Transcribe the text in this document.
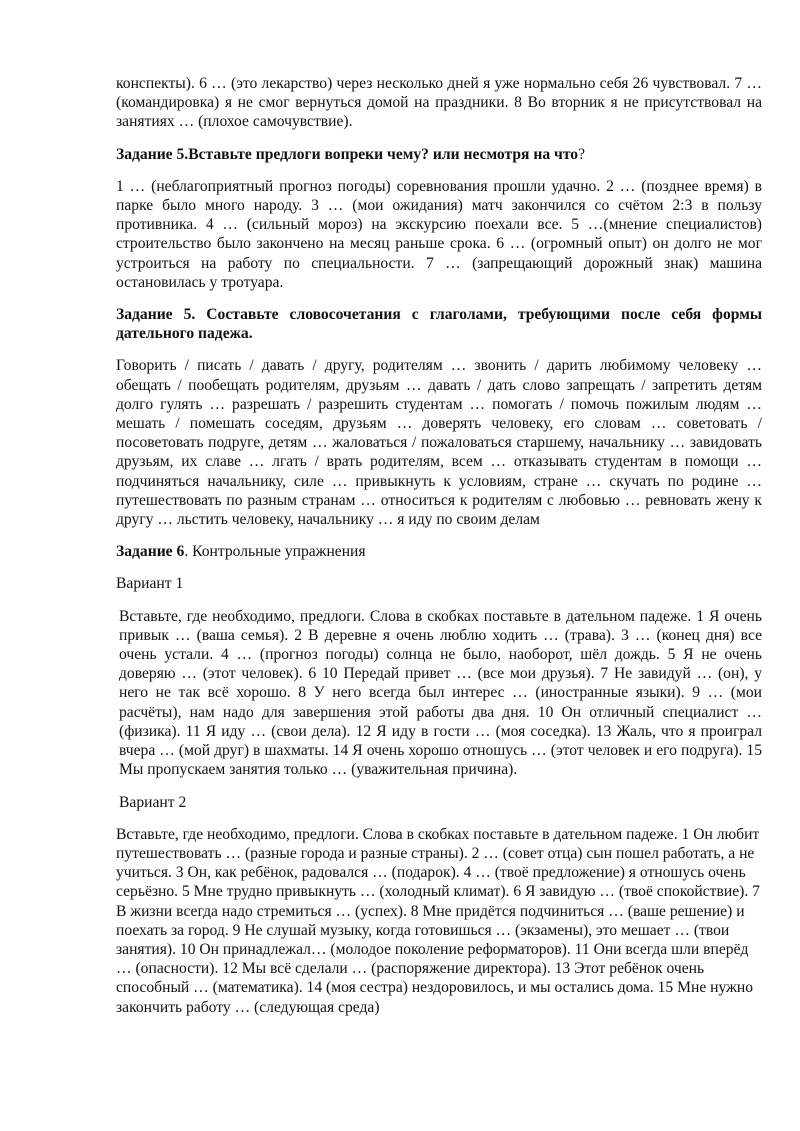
конспекты). 6 … (это лекарство) через несколько дней я уже нормально себя 26 чувствовал. 7 … (командировка) я не смог вернуться домой на праздники. 8 Во вторник я не присутствовал на занятиях … (плохое самочувствие).

Задание 5.Вставьте предлоги вопреки чему? или несмотря на что?

1 … (неблагоприятный прогноз погоды) соревнования прошли удачно. 2 … (позднее время) в парке было много народу. 3 … (мои ожидания) матч закончился со счётом 2:3 в пользу противника. 4 … (сильный мороз) на экскурсию поехали все. 5 …(мнение специалистов) строительство было закончено на месяц раньше срока. 6 … (огромный опыт) он долго не мог устроиться на работу по специальности. 7 … (запрещающий дорожный знак) машина остановилась у тротуара.

Задание 5. Составьте словосочетания с глаголами, требующими после себя формы дательного падежа.

Говорить / писать / давать / другу, родителям … звонить / дарить любимому человеку … обещать / пообещать родителям, друзьям … давать / дать слово запрещать / запретить детям долго гулять … разрешать / разрешить студентам … помогать / помочь пожилым людям … мешать / помешать соседям, друзьям … доверять человеку, его словам … советовать / посоветовать подруге, детям … жаловаться / пожаловаться старшему, начальнику … завидовать друзьям, их славе … лгать / врать родителям, всем … отказывать студентам в помощи … подчиняться начальнику, силе … привыкнуть к условиям, стране … скучать по родине … путешествовать по разным странам … относиться к родителям с любовью … ревновать жену к другу … льстить человеку, начальнику … я иду по своим делам

Задание 6. Контрольные упражнения

Вариант 1

Вставьте, где необходимо, предлоги. Слова в скобках поставьте в дательном падеже. 1 Я очень привык … (ваша семья). 2 В деревне я очень люблю ходить … (трава). 3 … (конец дня) все очень устали. 4 … (прогноз погоды) солнца не было, наоборот, шёл дождь. 5 Я не очень доверяю … (этот человек). 6 10 Передай привет … (все мои друзья). 7 Не завидуй … (он), у него не так всё хорошо. 8 У него всегда был интерес … (иностранные языки). 9 … (мои расчёты), нам надо для завершения этой работы два дня. 10 Он отличный специалист … (физика). 11 Я иду … (свои дела). 12 Я иду в гости … (моя соседка). 13 Жаль, что я проиграл вчера … (мой друг) в шахматы. 14 Я очень хорошо отношусь … (этот человек и его подруга). 15 Мы пропускаем занятия только … (уважительная причина).

Вариант 2

Вставьте, где необходимо, предлоги. Слова в скобках поставьте в дательном падеже. 1 Он любит путешествовать … (разные города и разные страны). 2 … (совет отца) сын пошел работать, а не учиться. 3 Он, как ребёнок, радовался … (подарок). 4 … (твоё предложение) я отношусь очень серьёзно. 5 Мне трудно привыкнуть … (холодный климат). 6 Я завидую … (твоё спокойствие). 7 В жизни всегда надо стремиться … (успех). 8 Мне придётся подчиниться … (ваше решение) и поехать за город. 9 Не слушай музыку, когда готовишься … (экзамены), это мешает … (твои занятия). 10 Он принадлежал… (молодое поколение реформаторов). 11 Они всегда шли вперёд … (опасности). 12 Мы всё сделали … (распоряжение директора). 13 Этот ребёнок очень способный … (математика). 14 (моя сестра) нездоровилось, и мы остались дома. 15 Мне нужно закончить работу … (следующая среда)
